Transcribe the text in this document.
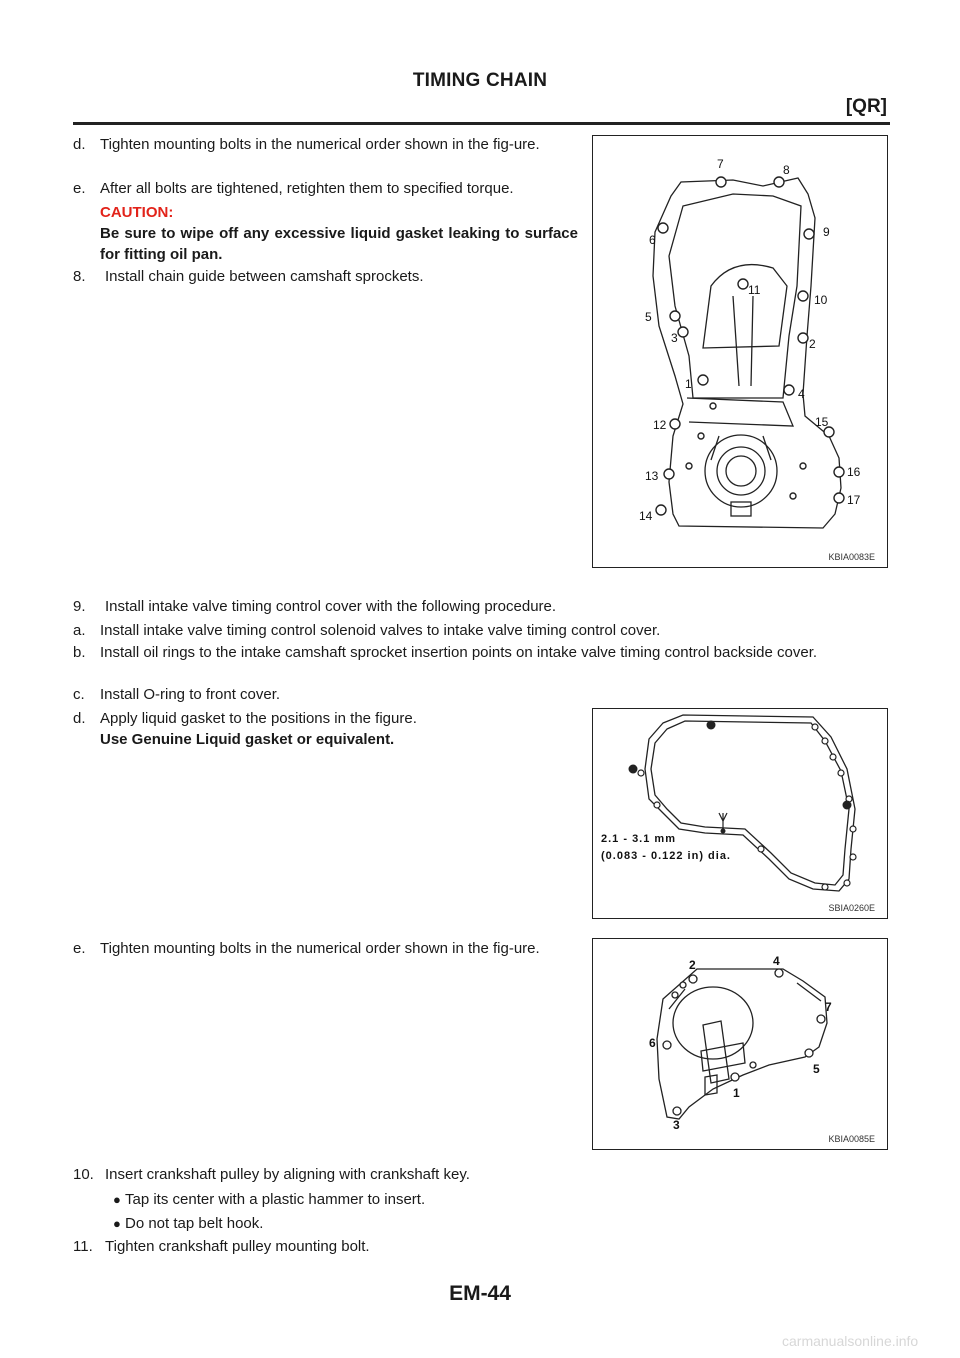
TIMING CHAIN
[QR]
d. Tighten mounting bolts in the numerical order shown in the fig-ure.
e. After all bolts are tightened, retighten them to specified torque.
CAUTION:
Be sure to wipe off any excessive liquid gasket leaking to surface for fitting oil pan.
8.	Install chain guide between camshaft sprockets.
1
2
3
4
5
6
7	8
9
10
11
12
13
14
15
16
17
KBIA0083E
9.	Install intake valve timing control cover with the following procedure.
a. Install intake valve timing control solenoid valves to intake valve timing control cover.
b. Install oil rings to the intake camshaft sprocket insertion points on intake valve timing control backside cover.
c.	Install O-ring to front cover.
d. Apply liquid gasket to the positions in the figure.
Use Genuine Liquid gasket or equivalent.
2.1 - 3.1 mm
(0.083 - 0.122 in) dia.
SBIA0260E
e. Tighten mounting bolts in the numerical order shown in the fig-ure.
1
2
3
4
5
6
7
KBIA0085E
10. Insert crankshaft pulley by aligning with crankshaft key.
● Tap its center with a plastic hammer to insert.
● Do not tap belt hook.
11. Tighten crankshaft pulley mounting bolt.
EM-44
carmanualsonline.info
